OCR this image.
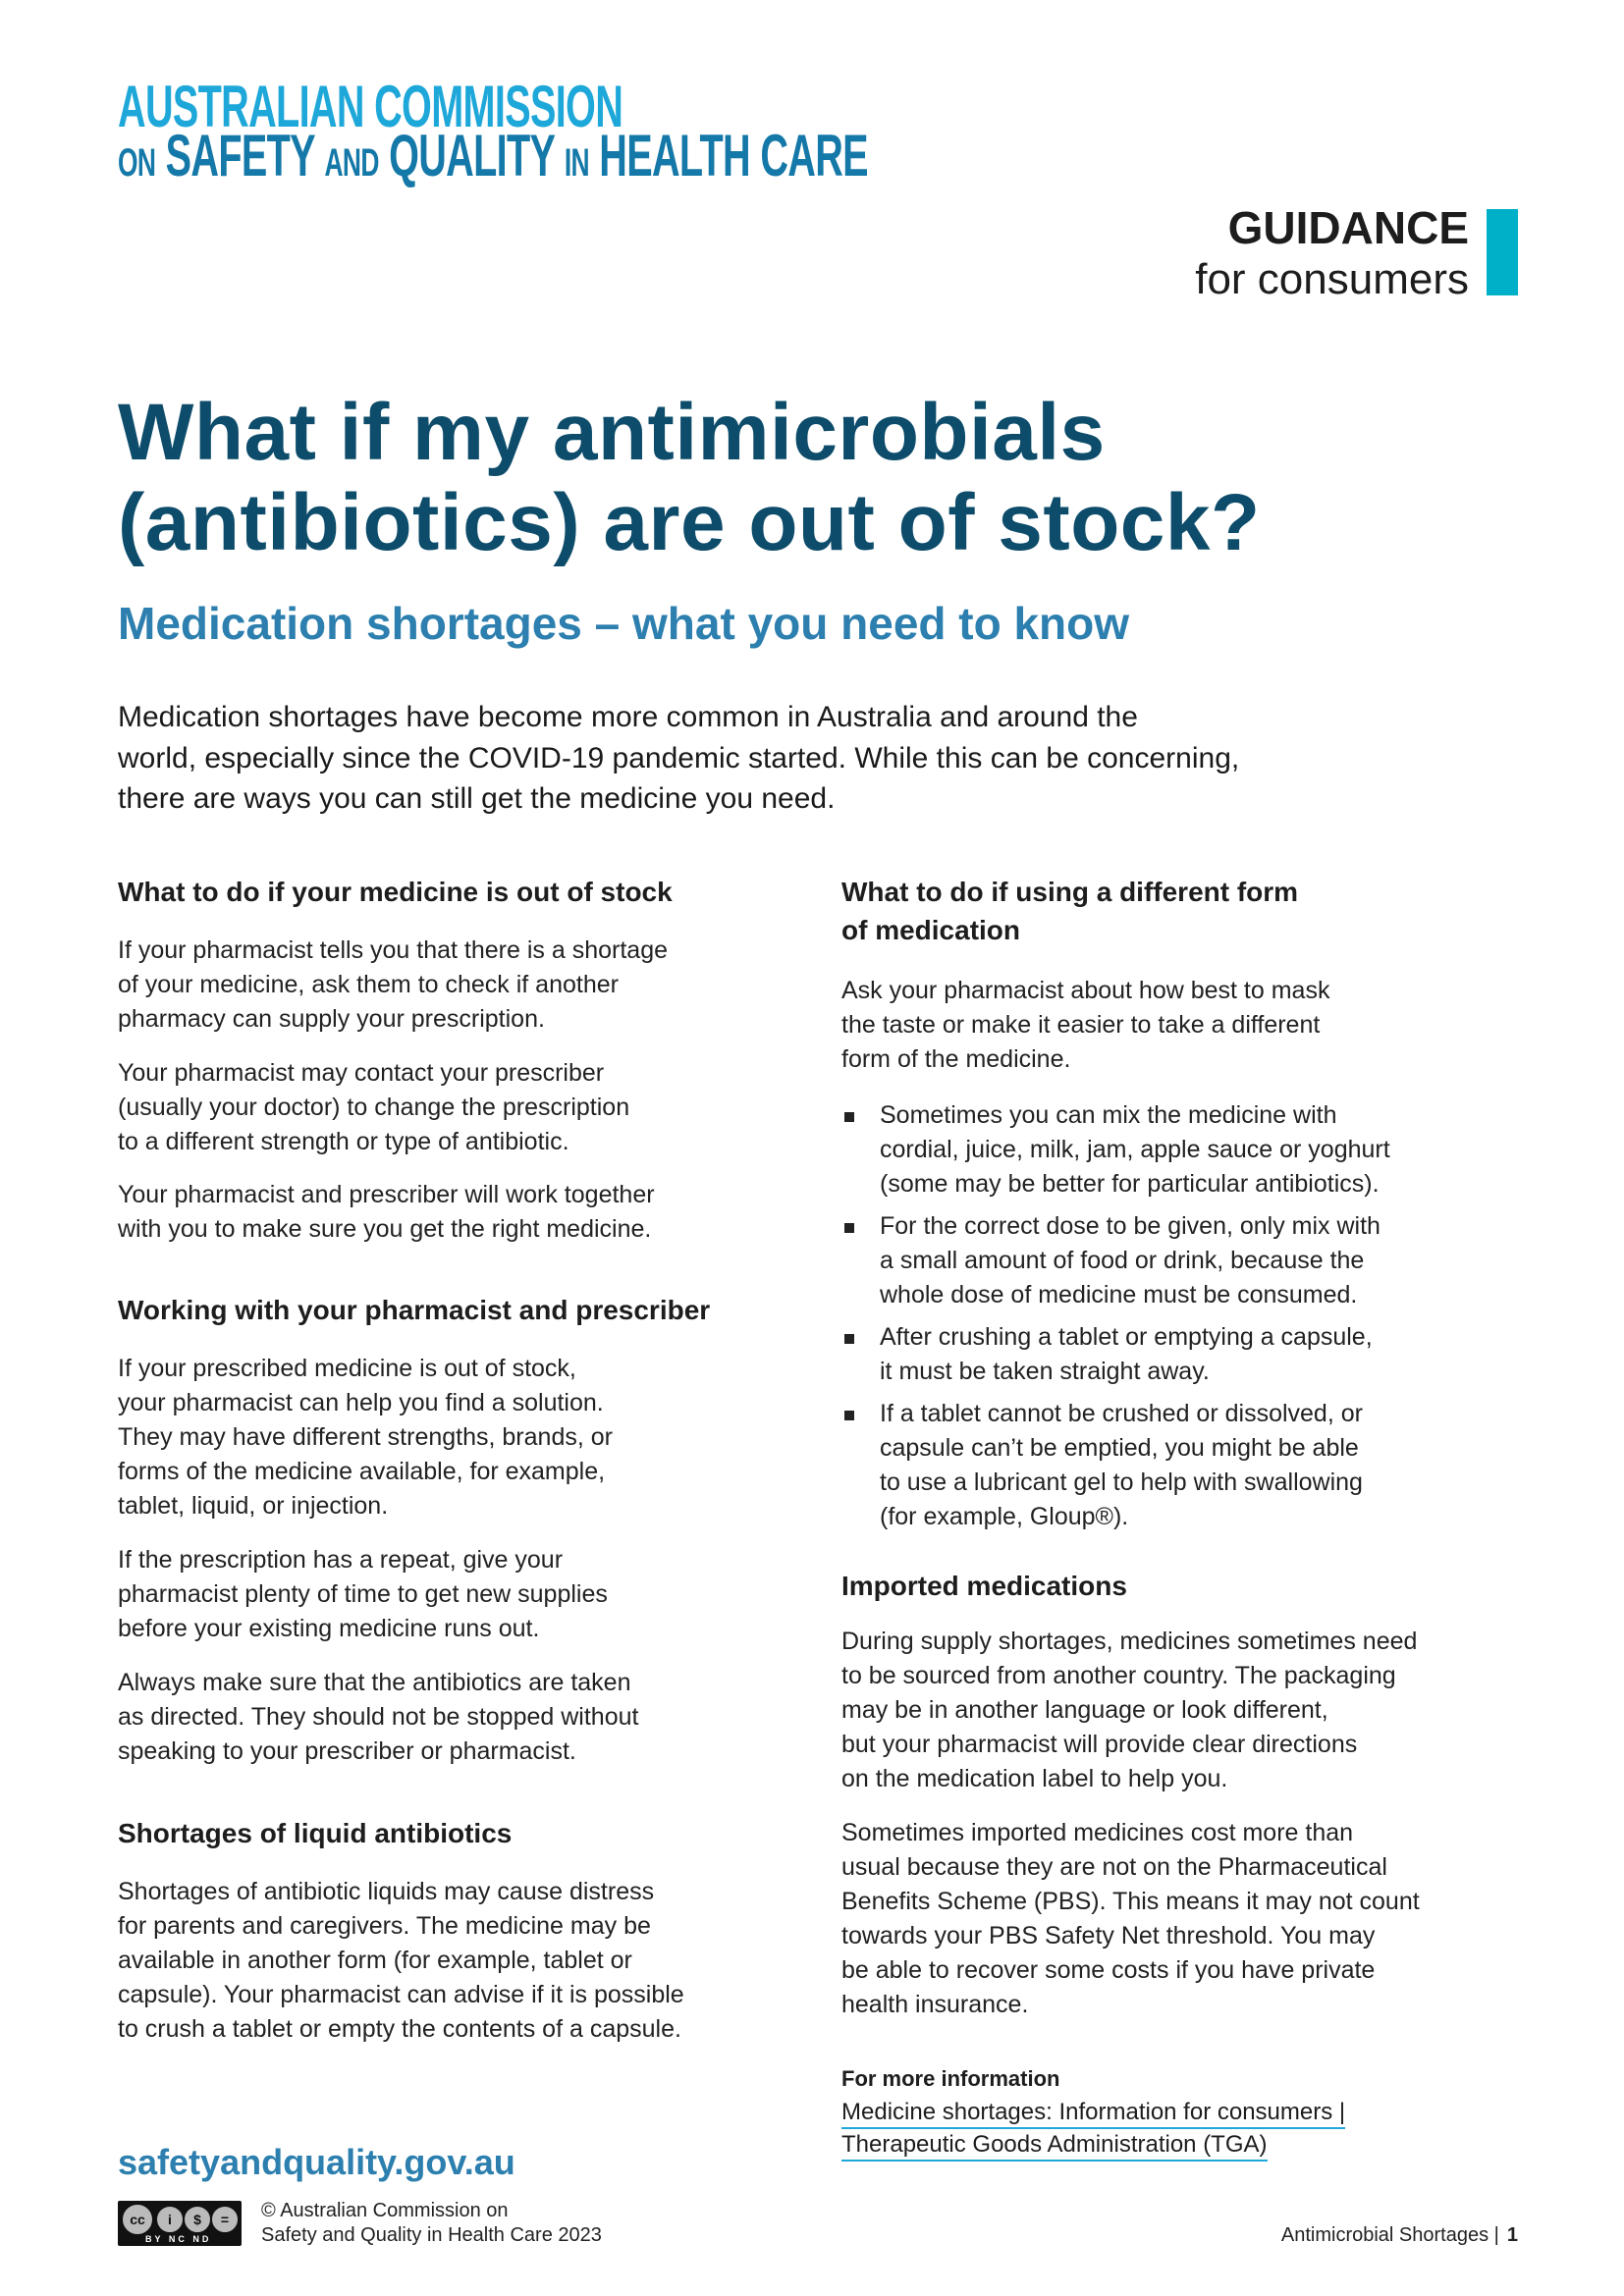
AUSTRALIAN COMMISSION
ON SAFETY AND QUALITY IN HEALTH CARE
GUIDANCE
for consumers
What if my antimicrobials
(antibiotics) are out of stock?
Medication shortages – what you need to know
Medication shortages have become more common in Australia and around the
world, especially since the COVID-19 pandemic started. While this can be concerning,
there are ways you can still get the medicine you need.
What to do if your medicine is out of stock
If your pharmacist tells you that there is a shortage
of your medicine, ask them to check if another
pharmacy can supply your prescription.
Your pharmacist may contact your prescriber
(usually your doctor) to change the prescription
to a different strength or type of antibiotic.
Your pharmacist and prescriber will work together
with you to make sure you get the right medicine.
Working with your pharmacist and prescriber
If your prescribed medicine is out of stock,
your pharmacist can help you find a solution.
They may have different strengths, brands, or
forms of the medicine available, for example,
tablet, liquid, or injection.
If the prescription has a repeat, give your
pharmacist plenty of time to get new supplies
before your existing medicine runs out.
Always make sure that the antibiotics are taken
as directed. They should not be stopped without
speaking to your prescriber or pharmacist.
Shortages of liquid antibiotics
Shortages of antibiotic liquids may cause distress
for parents and caregivers. The medicine may be
available in another form (for example, tablet or
capsule). Your pharmacist can advise if it is possible
to crush a tablet or empty the contents of a capsule.
What to do if using a different form
of medication
Ask your pharmacist about how best to mask
the taste or make it easier to take a different
form of the medicine.
Sometimes you can mix the medicine with
cordial, juice, milk, jam, apple sauce or yoghurt
(some may be better for particular antibiotics).
For the correct dose to be given, only mix with
a small amount of food or drink, because the
whole dose of medicine must be consumed.
After crushing a tablet or emptying a capsule,
it must be taken straight away.
If a tablet cannot be crushed or dissolved, or
capsule can’t be emptied, you might be able
to use a lubricant gel to help with swallowing
(for example, Gloup®).
Imported medications
During supply shortages, medicines sometimes need
to be sourced from another country. The packaging
may be in another language or look different,
but your pharmacist will provide clear directions
on the medication label to help you.
Sometimes imported medicines cost more than
usual because they are not on the Pharmaceutical
Benefits Scheme (PBS). This means it may not count
towards your PBS Safety Net threshold. You may
be able to recover some costs if you have private
health insurance.
For more information
Medicine shortages: Information for consumers |
Therapeutic Goods Administration (TGA)
safetyandquality.gov.au
cc	i	$	=
BY NC ND
© Australian Commission on
Safety and Quality in Health Care 2023	Antimicrobial Shortages | 1
